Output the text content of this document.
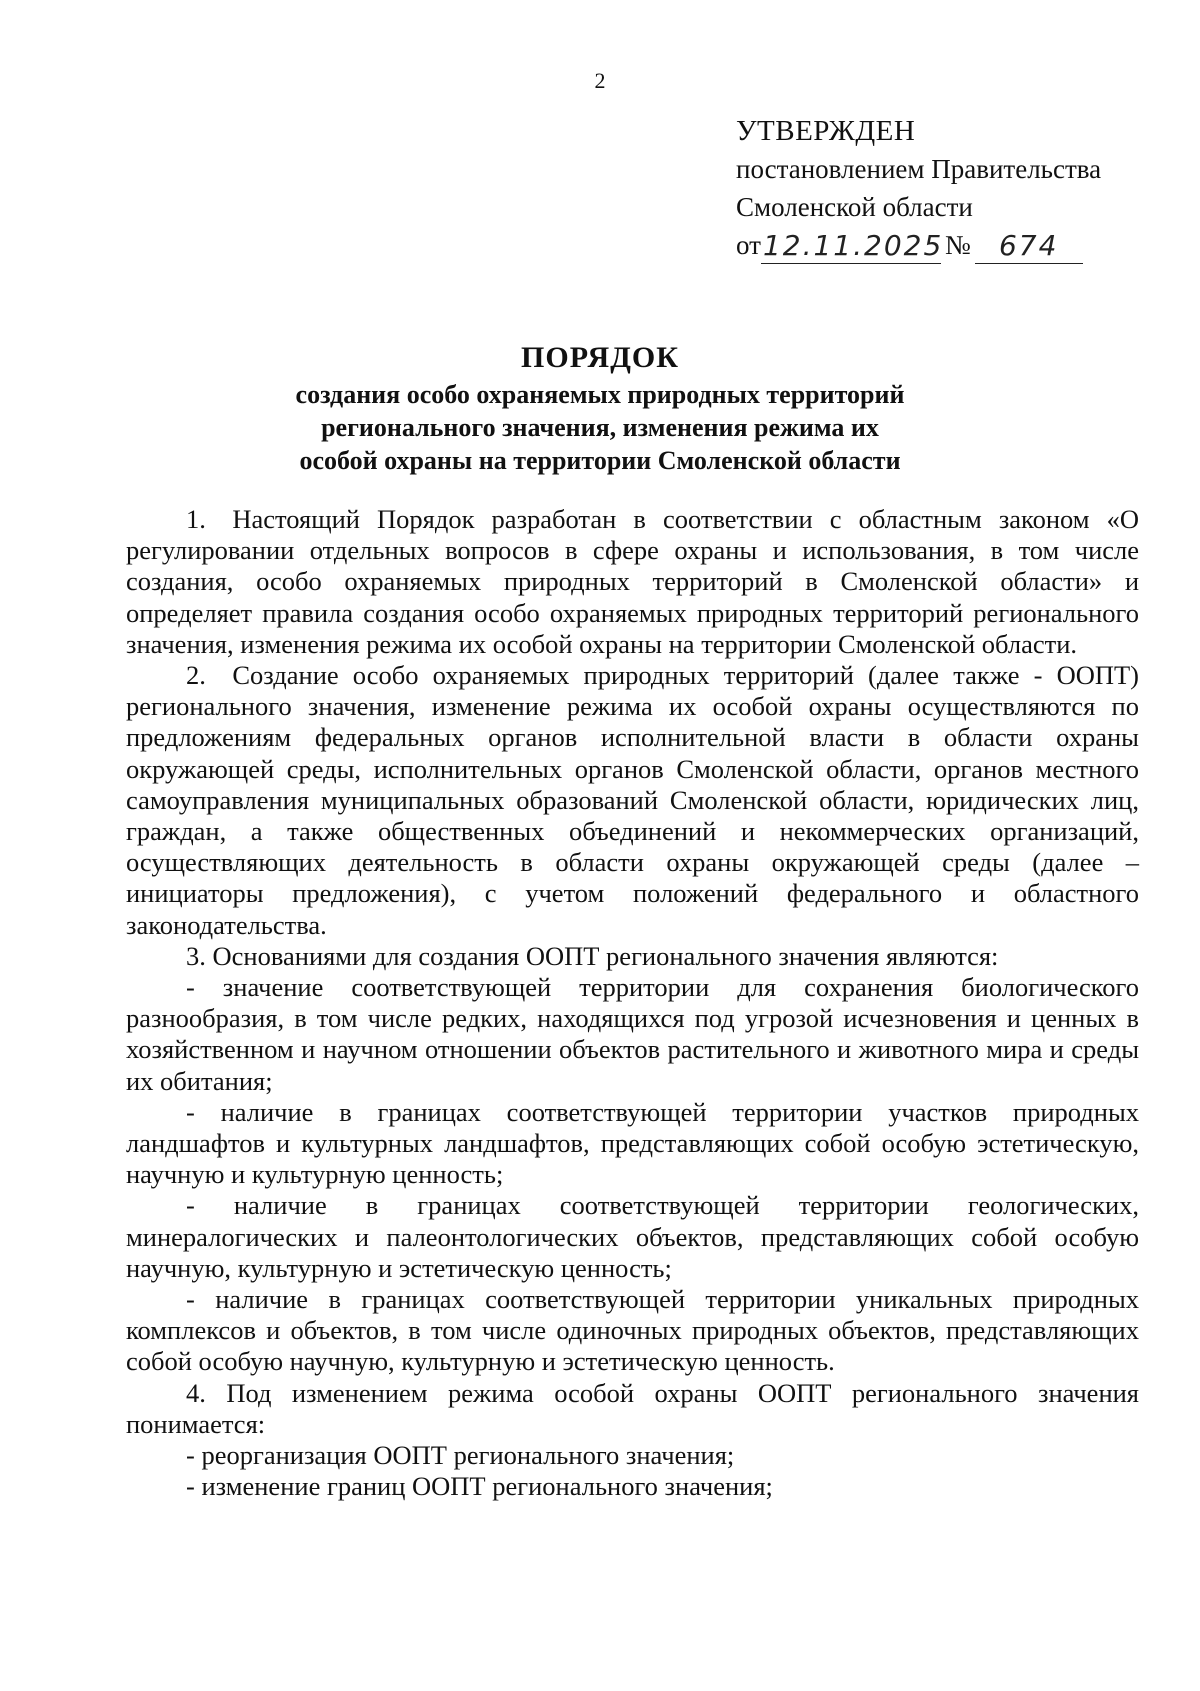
2
УТВЕРЖДЕН
постановлением Правительства
Смоленской области
от 12.11.2025 №	674
ПОРЯДОК
создания особо охраняемых природных территорий
регионального значения, изменения режима их
особой охраны на территории Смоленской области

1. Настоящий Порядок разработан в соответствии с областным законом «О регулировании отдельных вопросов в сфере охраны и использования, в том числе создания, особо охраняемых природных территорий в Смоленской области» и определяет правила создания особо охраняемых природных территорий регионального значения, изменения режима их особой охраны на территории Смоленской области.

2. Создание особо охраняемых природных территорий (далее также - ООПТ) регионального значения, изменение режима их особой охраны осуществляются по предложениям федеральных органов исполнительной власти в области охраны окружающей среды, исполнительных органов Смоленской области, органов местного самоуправления муниципальных образований Смоленской области, юридических лиц, граждан, а также общественных объединений и некоммерческих организаций, осуществляющих деятельность в области охраны окружающей среды (далее – инициаторы предложения), с учетом положений федерального и областного законодательства.

3. Основаниями для создания ООПТ регионального значения являются:

- значение соответствующей территории для сохранения биологического разнообразия, в том числе редких, находящихся под угрозой исчезновения и ценных в хозяйственном и научном отношении объектов растительного и животного мира и среды их обитания;

- наличие в границах соответствующей территории участков природных ландшафтов и культурных ландшафтов, представляющих собой особую эстетическую, научную и культурную ценность;

- наличие в границах соответствующей территории геологических, минералогических и палеонтологических объектов, представляющих собой особую научную, культурную и эстетическую ценность;

- наличие в границах соответствующей территории уникальных природных комплексов и объектов, в том числе одиночных природных объектов, представляющих собой особую научную, культурную и эстетическую ценность.

4. Под изменением режима особой охраны ООПТ регионального значения понимается:

- реорганизация ООПТ регионального значения;

- изменение границ ООПТ регионального значения;
